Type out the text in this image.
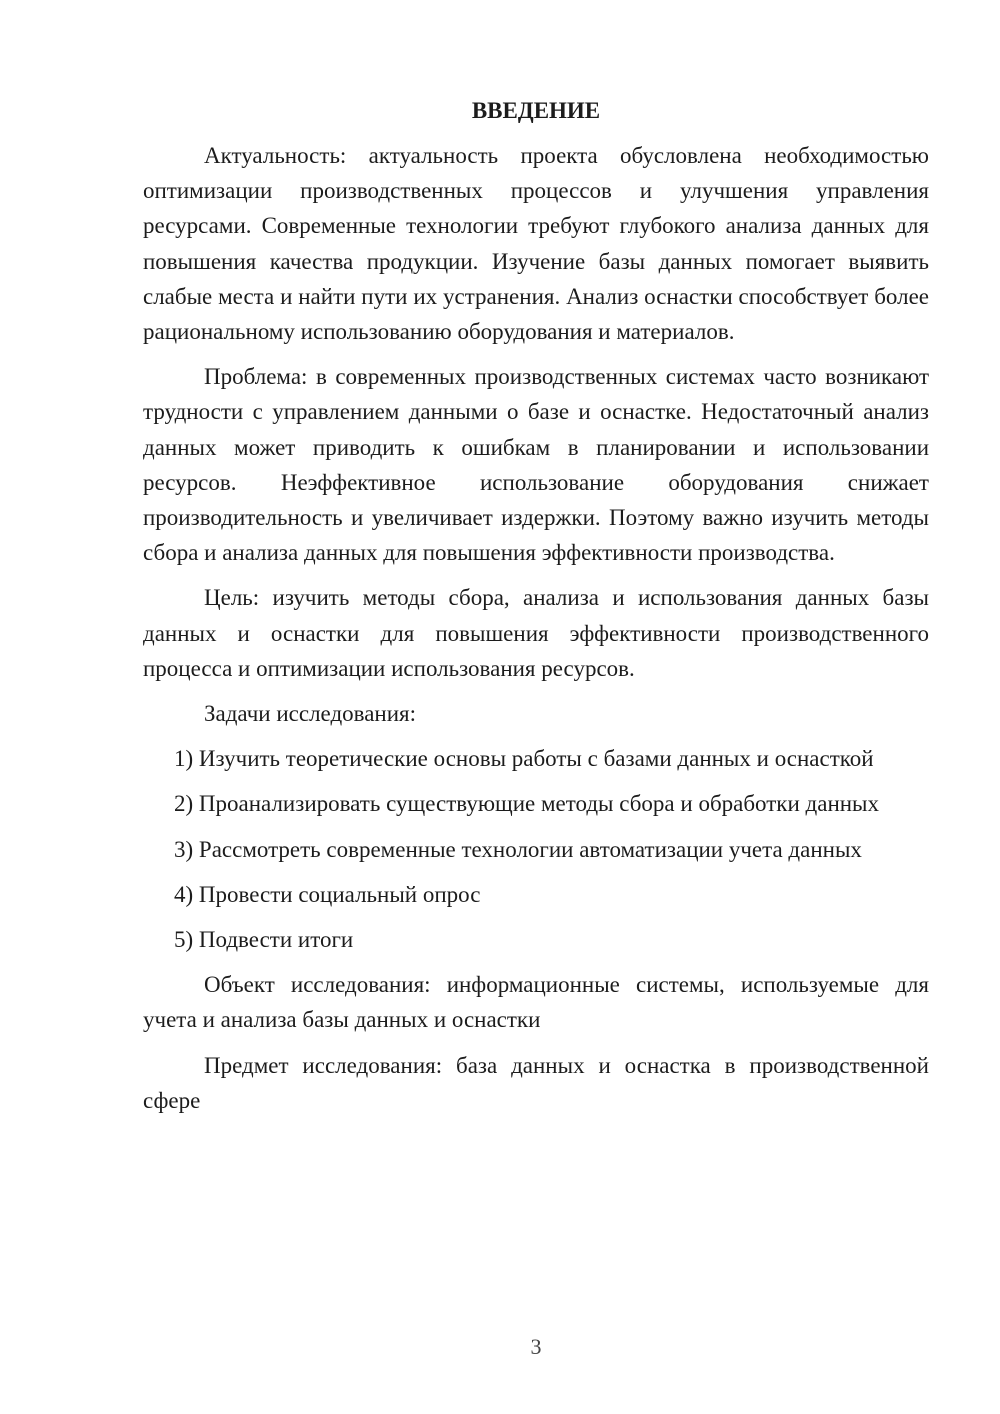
ВВЕДЕНИЕ

Актуальность: актуальность проекта обусловлена необходимостью оптимизации производственных процессов и улучшения управления ресурсами. Современные технологии требуют глубокого анализа данных для повышения качества продукции. Изучение базы данных помогает выявить слабые места и найти пути их устранения. Анализ оснастки способствует более рациональному использованию оборудования и материалов.

Проблема: в современных производственных системах часто возникают трудности с управлением данными о базе и оснастке. Недостаточный анализ данных может приводить к ошибкам в планировании и использовании ресурсов. Неэффективное использование оборудования снижает производительность и увеличивает издержки. Поэтому важно изучить методы сбора и анализа данных для повышения эффективности производства.

Цель: изучить методы сбора, анализа и использования данных базы данных и оснастки для повышения эффективности производственного процесса и оптимизации использования ресурсов.

Задачи исследования:

1) Изучить теоретические основы работы с базами данных и оснасткой

2) Проанализировать существующие методы сбора и обработки данных

3) Рассмотреть современные технологии автоматизации учета данных

4) Провести социальный опрос

5) Подвести итоги

Объект исследования: информационные системы, используемые для учета и анализа базы данных и оснастки

Предмет исследования: база данных и оснастка в производственной сфере

3
